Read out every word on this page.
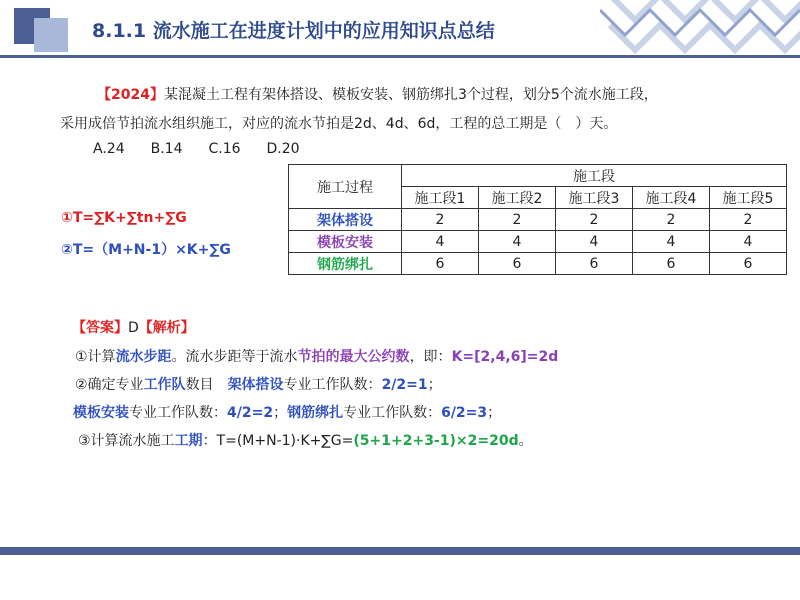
8.1.1 流水施工在进度计划中的应用知识点总结
【2024】某混凝土工程有架体搭设、模板安装、钢筋绑扎3个过程，划分5个流水施工段，
采用成倍节拍流水组织施工，对应的流水节拍是2d、4d、6d，工程的总工期是（　）天。
A.24 B.14 C.16 D.20
①T=∑K+∑tn+∑G
②T=（M+N-1）×K+∑G
施工过程	施工段				
	施工段1	施工段2	施工段3	施工段4	施工段5
架体搭设	2	2	2	2	2
模板安装	4	4	4	4	4
钢筋绑扎	6	6	6	6	6
【答案】D【解析】
①计算流水步距。流水步距等于流水节拍的最大公约数，即：K=[2,4,6]=2d
②确定专业工作队数目　架体搭设专业工作队数：2/2=1；
模板安装专业工作队数：4/2=2；钢筋绑扎专业工作队数：6/2=3；
③计算流水施工工期：T=(M+N-1)·K+∑G=(5+1+2+3-1)×2=20d。
